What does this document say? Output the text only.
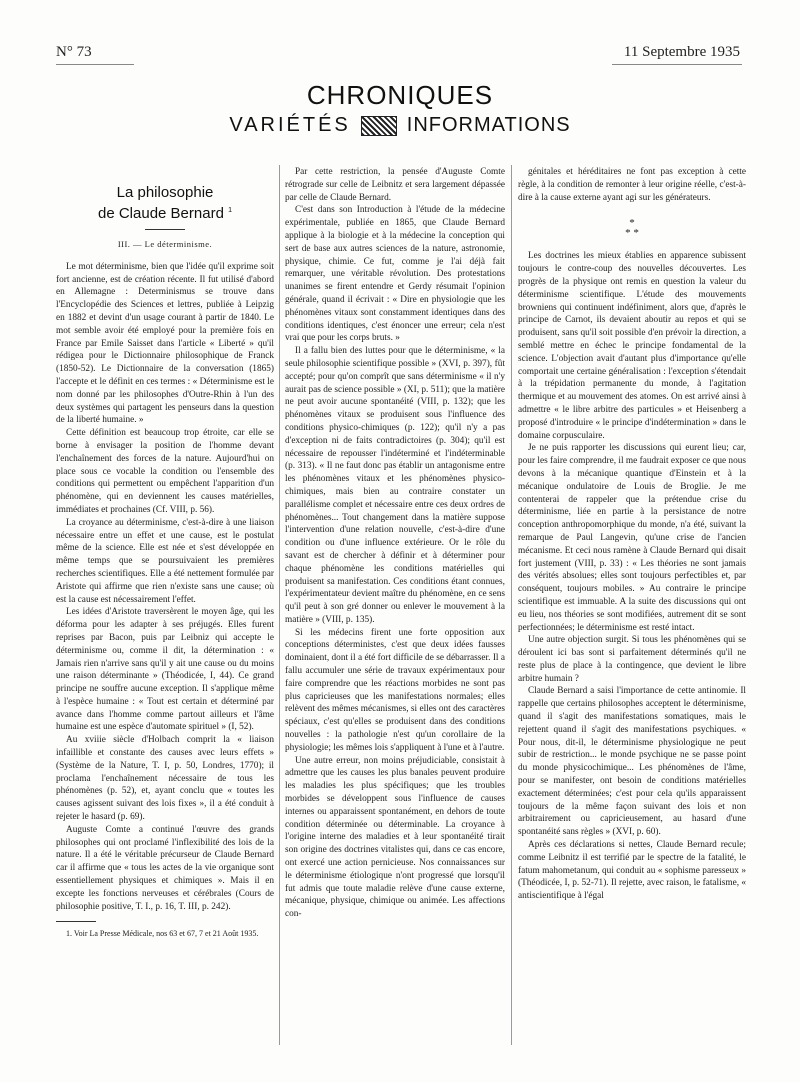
N° 73	11 Septembre 1935
CHRONIQUES
VARIÉTÉS	INFORMATIONS
La philosophie
de Claude Bernard $^1$
III. — Le déterminisme.

Le mot déterminisme, bien que l'idée qu'il exprime soit fort ancienne, est de création récente. Il fut utilisé d'abord en Allemagne : Determinismus se trouve dans l'Encyclopédie des Sciences et lettres, publiée à Leipzig en 1882 et devint d'un usage courant à partir de 1840. Le mot semble avoir été employé pour la première fois en France par Emile Saisset dans l'article « Liberté » qu'il rédigea pour le Dictionnaire philosophique de Franck (1850-52). Le Dictionnaire de la conversation (1865) l'accepte et le définit en ces termes : « Déterminisme est le nom donné par les philosophes d'Outre-Rhin à l'un des deux systèmes qui partagent les penseurs dans la question de la liberté humaine. »

Cette définition est beaucoup trop étroite, car elle se borne à envisager la position de l'homme devant l'enchaînement des forces de la nature. Aujourd'hui on place sous ce vocable la condition ou l'ensemble des conditions qui permettent ou empêchent l'apparition d'un phénomène, qui en deviennent les causes matérielles, immédiates et prochaines (Cf. VIII, p. 56).

La croyance au déterminisme, c'est-à-dire à une liaison nécessaire entre un effet et une cause, est le postulat même de la science. Elle est née et s'est développée en même temps que se poursuivaient les premières recherches scientifiques. Elle a été nettement formulée par Aristote qui affirme que rien n'existe sans une cause; où est la cause est nécessairement l'effet.

Les idées d'Aristote traversèrent le moyen âge, qui les déforma pour les adapter à ses préjugés. Elles furent reprises par Bacon, puis par Leibniz qui accepte le déterminisme ou, comme il dit, la détermination : « Jamais rien n'arrive sans qu'il y ait une cause ou du moins une raison déterminante » (Théodicée, I, 44). Ce grand principe ne souffre aucune exception. Il s'applique même à l'espèce humaine : « Tout est certain et déterminé par avance dans l'homme comme partout ailleurs et l'âme humaine est une espèce d'automate spirituel » (I, 52).

Au xviiie siècle d'Holbach comprit la « liaison infaillible et constante des causes avec leurs effets » (Système de la Nature, T. I, p. 50, Londres, 1770); il proclama l'enchaînement nécessaire de tous les phénomènes (p. 52), et, ayant conclu que « toutes les causes agissent suivant des lois fixes », il a été conduit à rejeter le hasard (p. 69).

Auguste Comte a continué l'œuvre des grands philosophes qui ont proclamé l'inflexibilité des lois de la nature. Il a été le véritable précurseur de Claude Bernard car il affirme que « tous les actes de la vie organique sont essentiellement physiques et chimiques ». Mais il en excepte les fonctions nerveuses et cérébrales (Cours de philosophie positive, T. I., p. 16, T. III, p. 242).

1. Voir La Presse Médicale, nos 63 et 67, 7 et 21 Août 1935.

Par cette restriction, la pensée d'Auguste Comte rétrograde sur celle de Leibnitz et sera largement dépassée par celle de Claude Bernard.

C'est dans son Introduction à l'étude de la médecine expérimentale, publiée en 1865, que Claude Bernard applique à la biologie et à la médecine la conception qui sert de base aux autres sciences de la nature, astronomie, physique, chimie. Ce fut, comme je l'ai déjà fait remarquer, une véritable révolution. Des protestations unanimes se firent entendre et Gerdy résumait l'opinion générale, quand il écrivait : « Dire en physiologie que les phénomènes vitaux sont constamment identiques dans des conditions identiques, c'est énoncer une erreur; cela n'est vrai que pour les corps bruts. »

Il a fallu bien des luttes pour que le déterminisme, « la seule philosophie scientifique possible » (XVI, p. 397), fût accepté; pour qu'on comprît que sans déterminisme « il n'y aurait pas de science possible » (XI, p. 511); que la matière ne peut avoir aucune spontanéité (VIII, p. 132); que les phénomènes vitaux se produisent sous l'influence des conditions physico-chimiques (p. 122); qu'il n'y a pas d'exception ni de faits contradictoires (p. 304); qu'il est nécessaire de repousser l'indéterminé et l'indéterminable (p. 313). « Il ne faut donc pas établir un antagonisme entre les phénomènes vitaux et les phénomènes physico-chimiques, mais bien au contraire constater un parallélisme complet et nécessaire entre ces deux ordres de phénomènes... Tout changement dans la matière suppose l'intervention d'une relation nouvelle, c'est-à-dire d'une condition ou d'une influence extérieure. Or le rôle du savant est de chercher à définir et à déterminer pour chaque phénomène les conditions matérielles qui produisent sa manifestation. Ces conditions étant connues, l'expérimentateur devient maître du phénomène, en ce sens qu'il peut à son gré donner ou enlever le mouvement à la matière » (VIII, p. 135).

Si les médecins firent une forte opposition aux conceptions déterministes, c'est que deux idées fausses dominaient, dont il a été fort difficile de se débarrasser. Il a fallu accumuler une série de travaux expérimentaux pour faire comprendre que les réactions morbides ne sont pas plus capricieuses que les manifestations normales; elles relèvent des mêmes mécanismes, si elles ont des caractères spéciaux, c'est qu'elles se produisent dans des conditions nouvelles : la pathologie n'est qu'un corollaire de la physiologie; les mêmes lois s'appliquent à l'une et à l'autre.

Une autre erreur, non moins préjudiciable, consistait à admettre que les causes les plus banales peuvent produire les maladies les plus spécifiques; que les troubles morbides se développent sous l'influence de causes internes ou apparaissent spontanément, en dehors de toute condition déterminée ou déterminable. La croyance à l'origine interne des maladies et à leur spontanéité tirait son origine des doctrines vitalistes qui, dans ce cas encore, ont exercé une action pernicieuse. Nos connaissances sur le déterminisme étiologique n'ont progressé que lorsqu'il fut admis que toute maladie relève d'une cause externe, mécanique, physique, chimique ou animée. Les affections con-

génitales et héréditaires ne font pas exception à cette règle, à la condition de remonter à leur origine réelle, c'est-à-dire à la cause externe ayant agi sur les générateurs.

*
* *

Les doctrines les mieux établies en apparence subissent toujours le contre-coup des nouvelles découvertes. Les progrès de la physique ont remis en question la valeur du déterminisme scientifique. L'étude des mouvements browniens qui continuent indéfiniment, alors que, d'après le principe de Carnot, ils devaient aboutir au repos et qui se produisent, sans qu'il soit possible d'en prévoir la direction, a semblé mettre en échec le principe fondamental de la science. L'objection avait d'autant plus d'importance qu'elle comportait une certaine généralisation : l'exception s'étendait à la trépidation permanente du monde, à l'agitation thermique et au mouvement des atomes. On est arrivé ainsi à admettre « le libre arbitre des particules » et Heisenberg a proposé d'introduire « le principe d'indétermination » dans le domaine corpusculaire.

Je ne puis rapporter les discussions qui eurent lieu; car, pour les faire comprendre, il me faudrait exposer ce que nous devons à la mécanique quantique d'Einstein et à la mécanique ondulatoire de Louis de Broglie. Je me contenterai de rappeler que la prétendue crise du déterminisme, liée en partie à la persistance de notre conception anthropomorphique du monde, n'a été, suivant la remarque de Paul Langevin, qu'une crise de l'ancien mécanisme. Et ceci nous ramène à Claude Bernard qui disait fort justement (VIII, p. 33) : « Les théories ne sont jamais des vérités absolues; elles sont toujours perfectibles et, par conséquent, toujours mobiles. » Au contraire le principe scientifique est immuable. A la suite des discussions qui ont eu lieu, nos théories se sont modifiées, autrement dit se sont perfectionnées; le déterminisme est resté intact.

Une autre objection surgit. Si tous les phénomènes qui se déroulent ici bas sont si parfaitement déterminés qu'il ne reste plus de place à la contingence, que devient le libre arbitre humain ?

Claude Bernard a saisi l'importance de cette antinomie. Il rappelle que certains philosophes acceptent le déterminisme, quand il s'agit des manifestations somatiques, mais le rejettent quand il s'agit des manifestations psychiques. « Pour nous, dit-il, le déterminisme physiologique ne peut subir de restriction... le monde psychique ne se passe point du monde physicochimique... Les phénomènes de l'âme, pour se manifester, ont besoin de conditions matérielles exactement déterminées; c'est pour cela qu'ils apparaissent toujours de la même façon suivant des lois et non arbitrairement ou capricieusement, au hasard d'une spontanéité sans règles » (XVI, p. 60).

Après ces déclarations si nettes, Claude Bernard recule; comme Leibnitz il est terrifié par le spectre de la fatalité, le fatum mahometanum, qui conduit au « sophisme paresseux » (Théodicée, I, p. 52-71). Il rejette, avec raison, le fatalisme, « antiscientifique à l'égal
